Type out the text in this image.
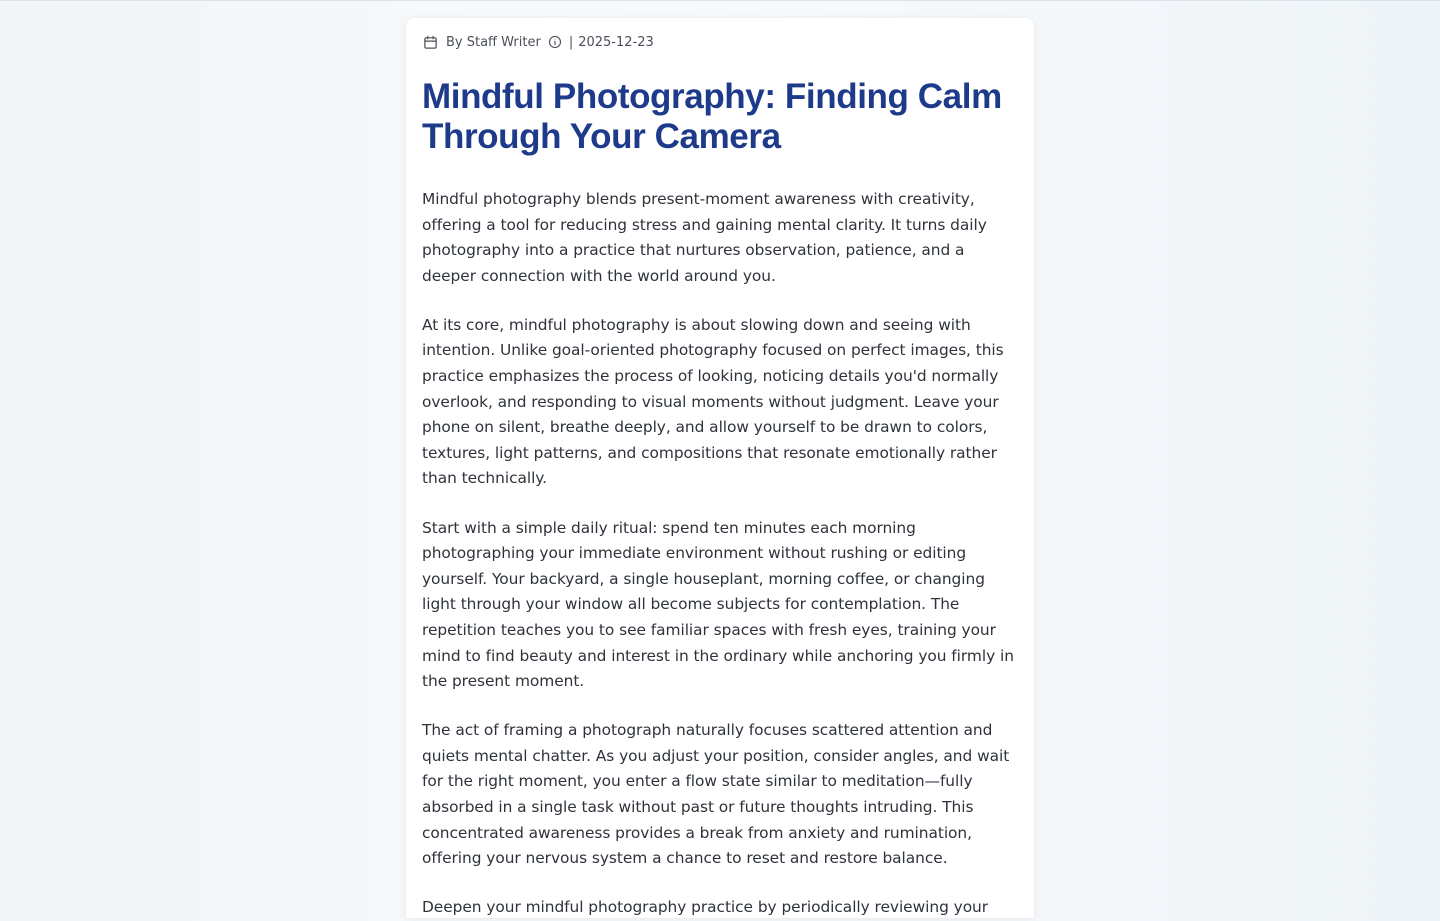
By Staff Writer | 2025-12-23
Mindful Photography: Finding Calm Through Your Camera

Mindful photography blends present-moment awareness with creativity, offering a tool for reducing stress and gaining mental clarity. It turns daily photography into a practice that nurtures observation, patience, and a deeper connection with the world around you.

At its core, mindful photography is about slowing down and seeing with intention. Unlike goal-oriented photography focused on perfect images, this practice emphasizes the process of looking, noticing details you'd normally overlook, and responding to visual moments without judgment. Leave your phone on silent, breathe deeply, and allow yourself to be drawn to colors, textures, light patterns, and compositions that resonate emotionally rather than technically.

Start with a simple daily ritual: spend ten minutes each morning photographing your immediate environment without rushing or editing yourself. Your backyard, a single houseplant, morning coffee, or changing light through your window all become subjects for contemplation. The repetition teaches you to see familiar spaces with fresh eyes, training your mind to find beauty and interest in the ordinary while anchoring you firmly in the present moment.

The act of framing a photograph naturally focuses scattered attention and quiets mental chatter. As you adjust your position, consider angles, and wait for the right moment, you enter a flow state similar to meditation—fully absorbed in a single task without past or future thoughts intruding. This concentrated awareness provides a break from anxiety and rumination, offering your nervous system a chance to reset and restore balance.

Deepen your mindful photography practice by periodically reviewing your
